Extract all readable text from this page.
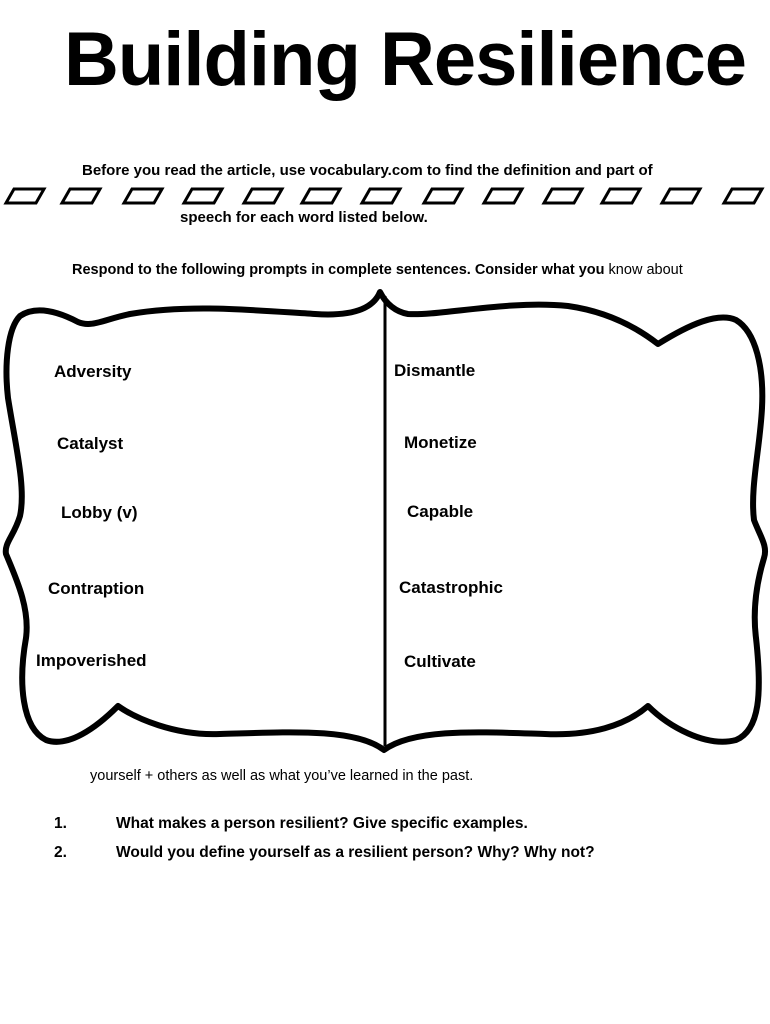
Building Resilience
Before you read the article, use vocabulary.com to find the definition and part of
speech for each word listed below.
Respond to the following prompts in complete sentences. Consider what you know about
Adversity
Catalyst
Lobby (v)
Contraption
Impoverished
Dismantle
Monetize
Capable
Catastrophic
Cultivate
yourself + others as well as what you’ve learned in the past.
1.	What makes a person resilient? Give specific examples.
2.	Would you define yourself as a resilient person? Why? Why not?
